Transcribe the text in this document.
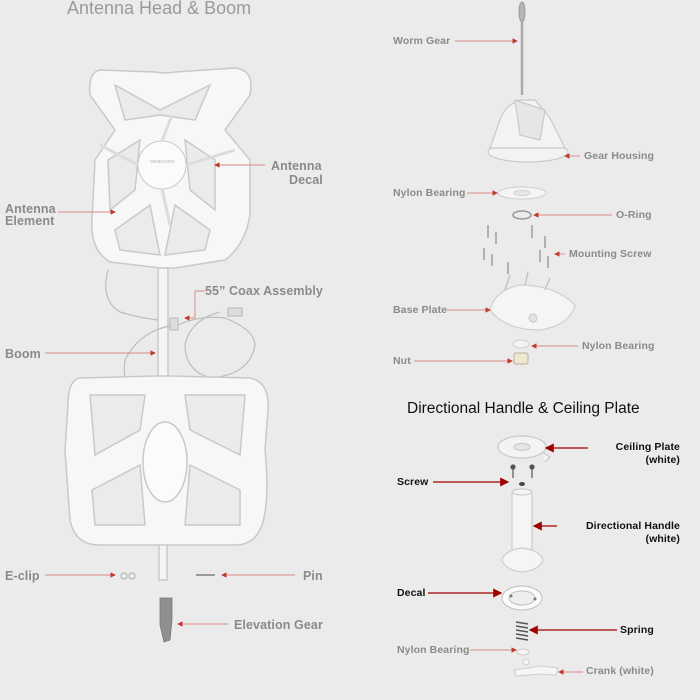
WINEGARD
Antenna Head & Boom
Directional Handle & Ceiling Plate
Antenna
Decal
Antenna
Element
55” Coax Assembly
Boom
E-clip	Pin
Elevation Gear
Worm Gear
Gear Housing
Nylon Bearing
O-Ring
Mounting Screw
Base Plate
Nylon Bearing
Nut
Ceiling Plate
(white)
Screw
Directional Handle
(white)
Decal
Spring
Nylon Bearing
Crank (white)
